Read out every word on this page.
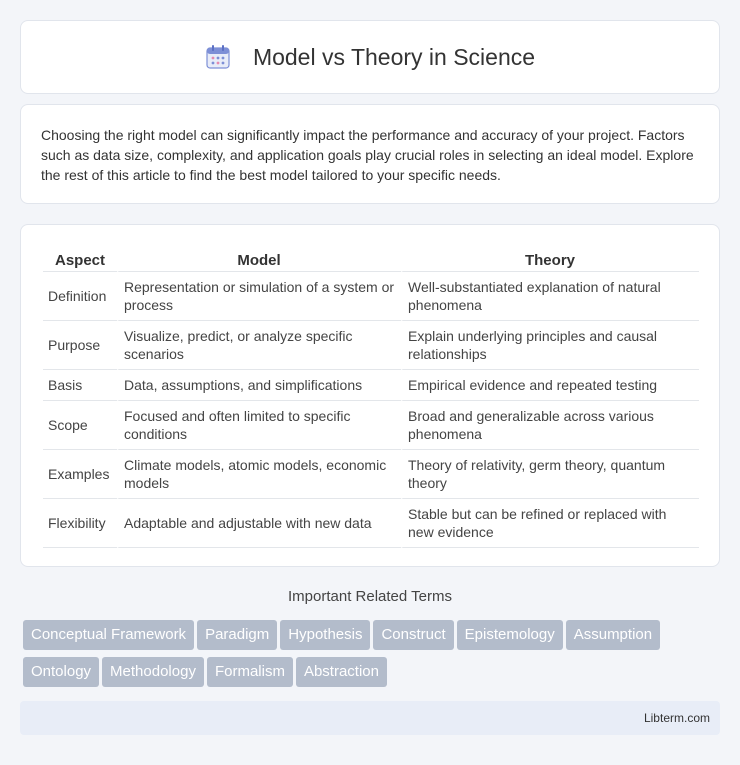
Model vs Theory in Science

Choosing the right model can significantly impact the performance and accuracy of your project. Factors such as data size, complexity, and application goals play crucial roles in selecting an ideal model. Explore the rest of this article to find the best model tailored to your specific needs.

Aspect	Model	Theory
Definition	Representation or simulation of a system or process	Well-substantiated explanation of natural phenomena
Purpose	Visualize, predict, or analyze specific scenarios	Explain underlying principles and causal relationships
Basis	Data, assumptions, and simplifications	Empirical evidence and repeated testing
Scope	Focused and often limited to specific conditions	Broad and generalizable across various phenomena
Examples	Climate models, atomic models, economic models	Theory of relativity, germ theory, quantum theory
Flexibility	Adaptable and adjustable with new data	Stable but can be refined or replaced with new evidence
Important Related Terms
Conceptual Framework Paradigm Hypothesis Construct Epistemology Assumption
Ontology Methodology Formalism Abstraction
Libterm.com
